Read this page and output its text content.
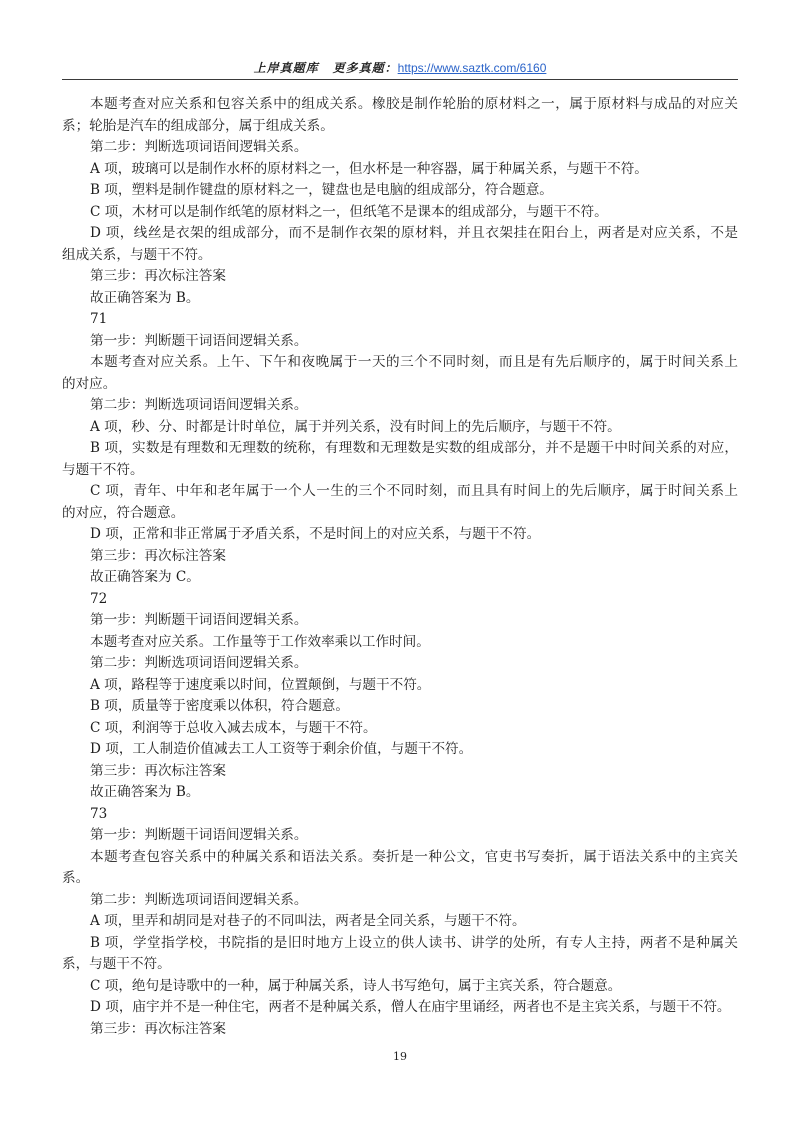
上岸真题库 更多真题：https://www.saztk.com/6160
本题考查对应关系和包容关系中的组成关系。橡胶是制作轮胎的原材料之一，属于原材料与成品的对应关
系；轮胎是汽车的组成部分，属于组成关系。
第二步：判断选项词语间逻辑关系。
A 项，玻璃可以是制作水杯的原材料之一，但水杯是一种容器，属于种属关系，与题干不符。
B 项，塑料是制作键盘的原材料之一，键盘也是电脑的组成部分，符合题意。
C 项，木材可以是制作纸笔的原材料之一，但纸笔不是课本的组成部分，与题干不符。
D 项，线丝是衣架的组成部分，而不是制作衣架的原材料，并且衣架挂在阳台上，两者是对应关系，不是
组成关系，与题干不符。
第三步：再次标注答案
故正确答案为 B。
71
第一步：判断题干词语间逻辑关系。
本题考查对应关系。上午、下午和夜晚属于一天的三个不同时刻，而且是有先后顺序的，属于时间关系上
的对应。
第二步：判断选项词语间逻辑关系。
A 项，秒、分、时都是计时单位，属于并列关系，没有时间上的先后顺序，与题干不符。
B 项，实数是有理数和无理数的统称，有理数和无理数是实数的组成部分，并不是题干中时间关系的对应，
与题干不符。
C 项，青年、中年和老年属于一个人一生的三个不同时刻，而且具有时间上的先后顺序，属于时间关系上
的对应，符合题意。
D 项，正常和非正常属于矛盾关系，不是时间上的对应关系，与题干不符。
第三步：再次标注答案
故正确答案为 C。
72
第一步：判断题干词语间逻辑关系。
本题考查对应关系。工作量等于工作效率乘以工作时间。
第二步：判断选项词语间逻辑关系。
A 项，路程等于速度乘以时间，位置颠倒，与题干不符。
B 项，质量等于密度乘以体积，符合题意。
C 项，利润等于总收入减去成本，与题干不符。
D 项，工人制造价值减去工人工资等于剩余价值，与题干不符。
第三步：再次标注答案
故正确答案为 B。
73
第一步：判断题干词语间逻辑关系。
本题考查包容关系中的种属关系和语法关系。奏折是一种公文，官吏书写奏折，属于语法关系中的主宾关
系。
第二步：判断选项词语间逻辑关系。
A 项，里弄和胡同是对巷子的不同叫法，两者是全同关系，与题干不符。
B 项，学堂指学校，书院指的是旧时地方上设立的供人读书、讲学的处所，有专人主持，两者不是种属关
系，与题干不符。
C 项，绝句是诗歌中的一种，属于种属关系，诗人书写绝句，属于主宾关系，符合题意。
D 项，庙宇并不是一种住宅，两者不是种属关系，僧人在庙宇里诵经，两者也不是主宾关系，与题干不符。
第三步：再次标注答案
19
